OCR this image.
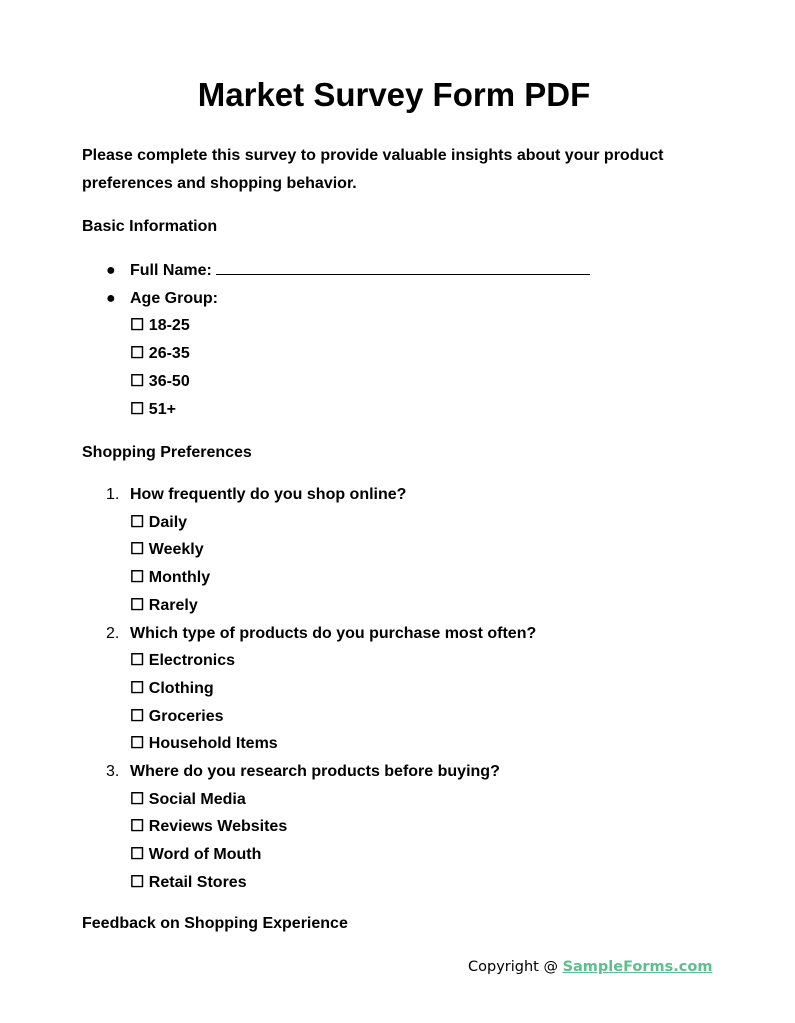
Market Survey Form PDF
Please complete this survey to provide valuable insights about your product preferences and shopping behavior.
Basic Information
● Full Name:
● Age Group:
☐ 18-25
☐ 26-35
☐ 36-50
☐ 51+
Shopping Preferences
1. How frequently do you shop online?
☐ Daily
☐ Weekly
☐ Monthly
☐ Rarely
2. Which type of products do you purchase most often?
☐ Electronics
☐ Clothing
☐ Groceries
☐ Household Items
3. Where do you research products before buying?
☐ Social Media
☐ Reviews Websites
☐ Word of Mouth
☐ Retail Stores
Feedback on Shopping Experience
Copyright @ SampleForms.com
